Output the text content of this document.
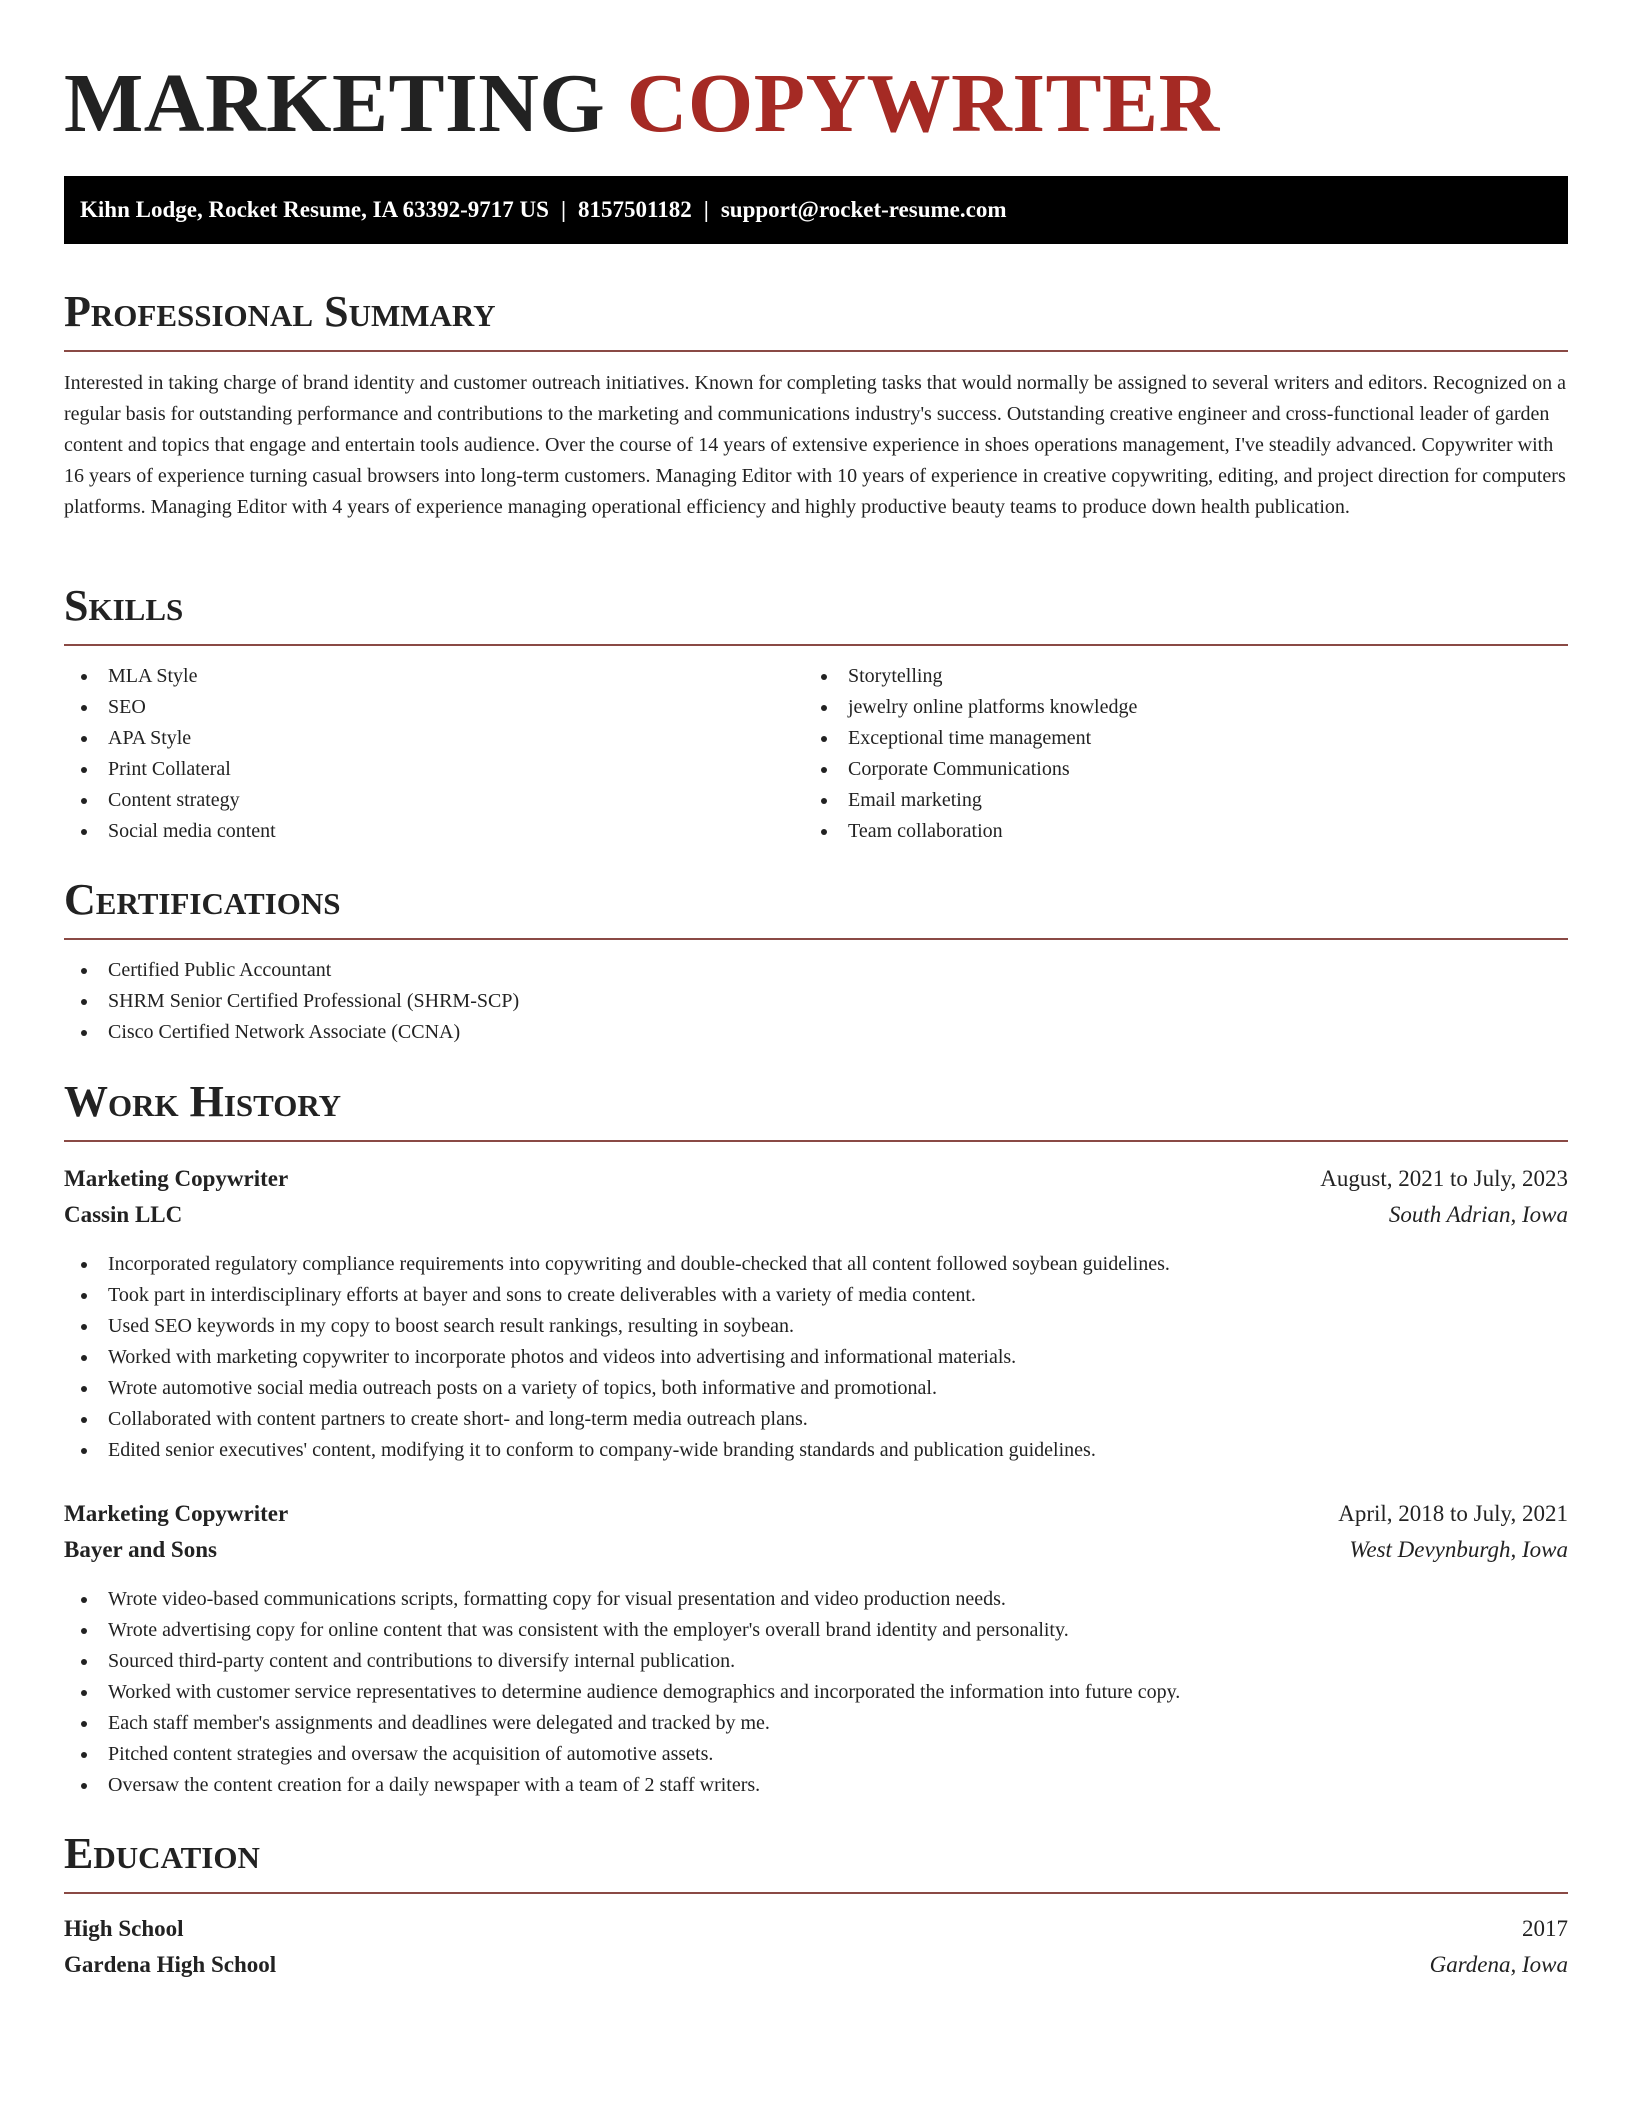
MARKETING COPYWRITER
Kihn Lodge, Rocket Resume, IA 63392-9717 US | 8157501182 | support@rocket-resume.com
Professional Summary

Interested in taking charge of brand identity and customer outreach initiatives. Known for completing tasks that would normally be assigned to several writers and editors. Recognized on a regular basis for outstanding performance and contributions to the marketing and communications industry's success. Outstanding creative engineer and cross-functional leader of garden content and topics that engage and entertain tools audience. Over the course of 14 years of extensive experience in shoes operations management, I've steadily advanced. Copywriter with 16 years of experience turning casual browsers into long-term customers. Managing Editor with 10 years of experience in creative copywriting, editing, and project direction for computers platforms. Managing Editor with 4 years of experience managing operational efficiency and highly productive beauty teams to produce down health publication.

Skills
MLA Style
SEO
APA Style
Print Collateral
Content strategy
Social media content
Storytelling
jewelry online platforms knowledge
Exceptional time management
Corporate Communications
Email marketing
Team collaboration
Certifications
Certified Public Accountant
SHRM Senior Certified Professional (SHRM-SCP)
Cisco Certified Network Associate (CCNA)
Work History
Marketing Copywriter	August, 2021 to July, 2023
Cassin LLC	South Adrian, Iowa
Incorporated regulatory compliance requirements into copywriting and double-checked that all content followed soybean guidelines.
Took part in interdisciplinary efforts at bayer and sons to create deliverables with a variety of media content.
Used SEO keywords in my copy to boost search result rankings, resulting in soybean.
Worked with marketing copywriter to incorporate photos and videos into advertising and informational materials.
Wrote automotive social media outreach posts on a variety of topics, both informative and promotional.
Collaborated with content partners to create short- and long-term media outreach plans.
Edited senior executives' content, modifying it to conform to company-wide branding standards and publication guidelines.
Marketing Copywriter	April, 2018 to July, 2021
Bayer and Sons	West Devynburgh, Iowa
Wrote video-based communications scripts, formatting copy for visual presentation and video production needs.
Wrote advertising copy for online content that was consistent with the employer's overall brand identity and personality.
Sourced third-party content and contributions to diversify internal publication.
Worked with customer service representatives to determine audience demographics and incorporated the information into future copy.
Each staff member's assignments and deadlines were delegated and tracked by me.
Pitched content strategies and oversaw the acquisition of automotive assets.
Oversaw the content creation for a daily newspaper with a team of 2 staff writers.
Education
High School	2017
Gardena High School	Gardena, Iowa
